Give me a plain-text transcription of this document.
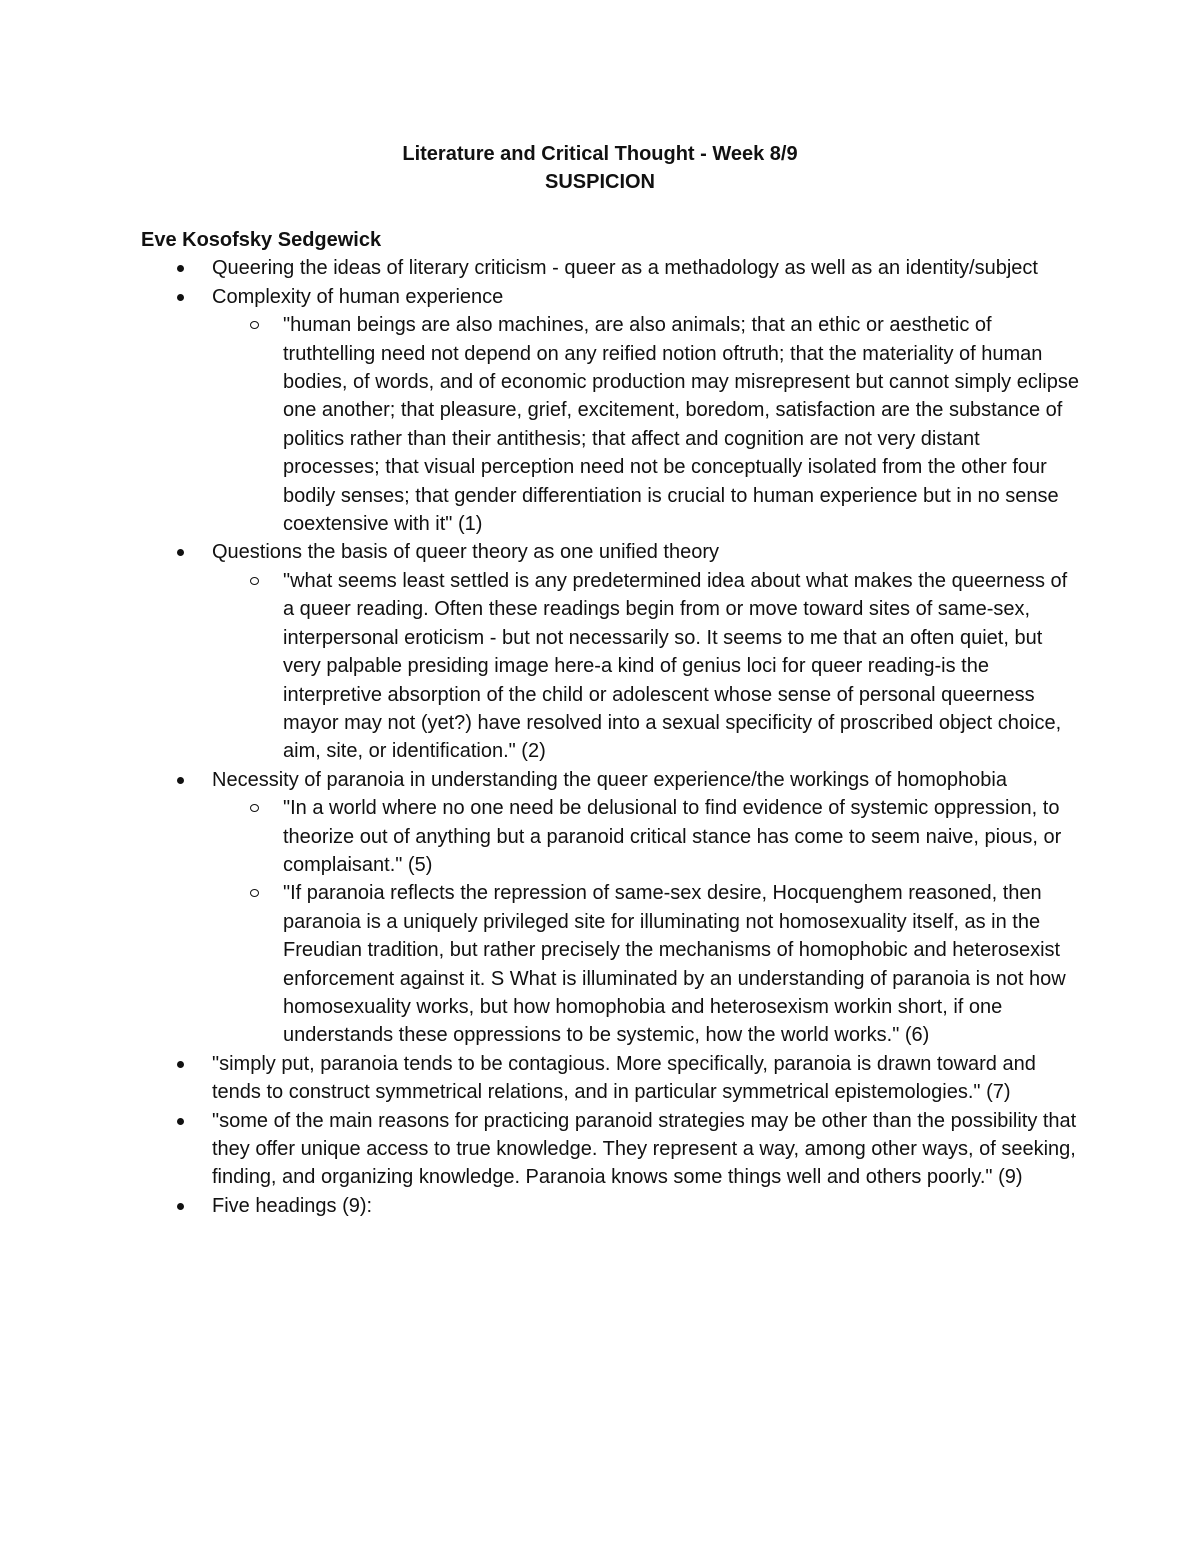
Literature and Critical Thought - Week 8/9
SUSPICION
Eve Kosofsky Sedgewick
Queering the ideas of literary criticism - queer as a methadology as well as an identity/subject
Complexity of human experience
"human beings are also machines, are also animals; that an ethic or aesthetic of truthtelling need not depend on any reified notion oftruth; that the materiality of human bodies, of words, and of economic production may misrepresent but cannot simply eclipse one another; that pleasure, grief, excitement, boredom, satisfaction are the substance of politics rather than their antithesis; that affect and cognition are not very distant processes; that visual perception need not be conceptually isolated from the other four bodily senses; that gender differentiation is crucial to human experience but in no sense coextensive with it" (1)
Questions the basis of queer theory as one unified theory
"what seems least settled is any predetermined idea about what makes the queerness of a queer reading. Often these readings begin from or move toward sites of same-sex, interpersonal eroticism - but not necessarily so. It seems to me that an often quiet, but very palpable presiding image here-a kind of genius loci for queer reading-is the interpretive absorption of the child or adolescent whose sense of personal queerness mayor may not (yet?) have resolved into a sexual specificity of proscribed object choice, aim, site, or identification." (2)
Necessity of paranoia in understanding the queer experience/the workings of homophobia
"In a world where no one need be delusional to find evidence of systemic oppression, to theorize out of anything but a paranoid critical stance has come to seem naive, pious, or complaisant." (5)
"If paranoia reflects the repression of same-sex desire, Hocquenghem reasoned, then paranoia is a uniquely privileged site for illuminating not homosexuality itself, as in the Freudian tradition, but rather precisely the mechanisms of homophobic and heterosexist enforcement against it. S What is illuminated by an understanding of paranoia is not how homosexuality works, but how homophobia and heterosexism workin short, if one understands these oppressions to be systemic, how the world works." (6)
"simply put, paranoia tends to be contagious. More specifically, paranoia is drawn toward and tends to construct symmetrical relations, and in particular symmetrical epistemologies." (7)
"some of the main reasons for practicing paranoid strategies may be other than the possibility that they offer unique access to true knowledge. They represent a way, among other ways, of seeking, finding, and organizing knowledge. Paranoia knows some things well and others poorly." (9)
Five headings (9):
